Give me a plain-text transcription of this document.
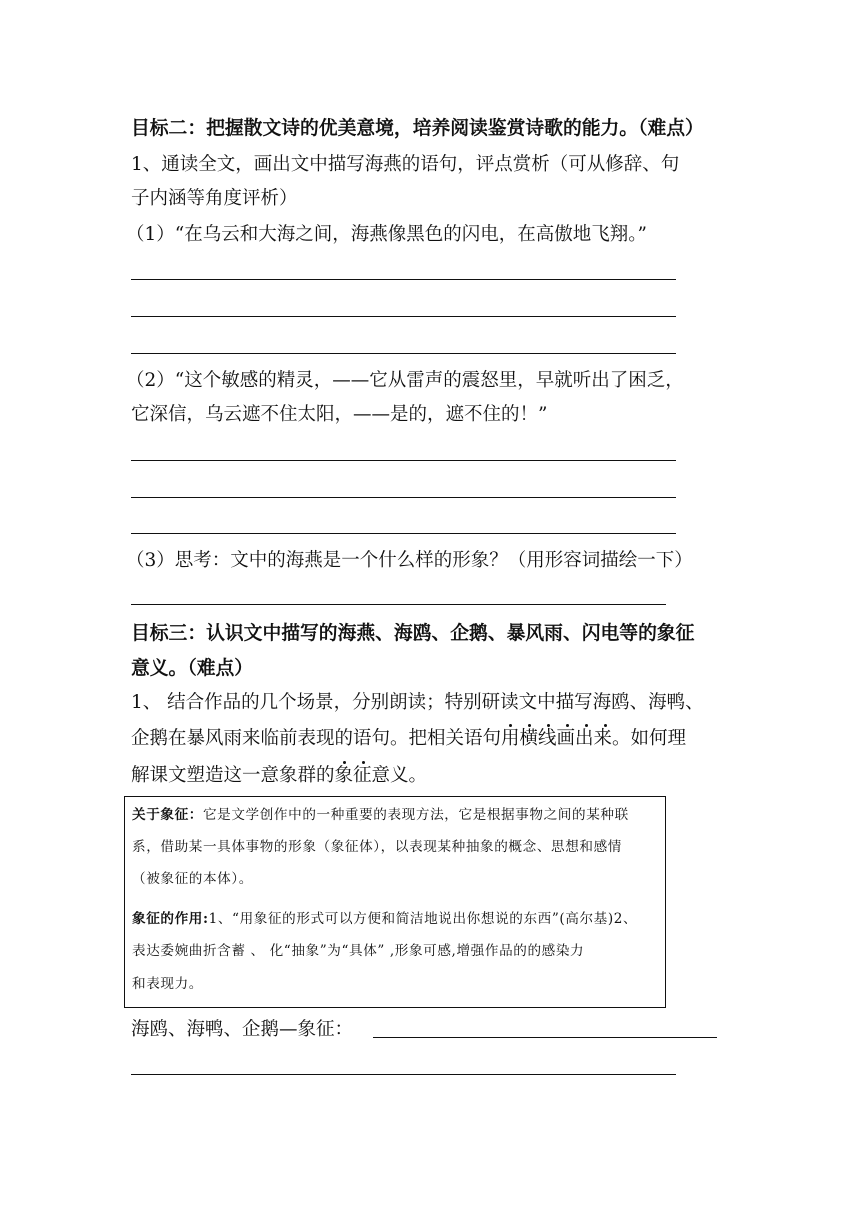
目标二：把握散文诗的优美意境，培养阅读鉴赏诗歌的能力。（难点）
1、通读全文，画出文中描写海燕的语句，评点赏析（可从修辞、句
子内涵等角度评析）
（1）“在乌云和大海之间，海燕像黑色的闪电，在高傲地飞翔。”
（2）“这个敏感的精灵，——它从雷声的震怒里，早就听出了困乏，
它深信，乌云遮不住太阳，——是的，遮不住的！”
（3）思考：文中的海燕是一个什么样的形象？（用形容词描绘一下）
目标三：认识文中描写的海燕、海鸥、企鹅、暴风雨、闪电等的象征
意义。（难点）
1、 结合作品的几个场景，分别朗读；特别研读文中描写海鸥、海鸭、
企鹅在暴风雨来临前表现的语句。把相关语句用横线画出来
。如何理
解课文塑造这一意象群的象征
意义。
关于象征：它是文学创作中的一种重要的表现方法，它是根据事物之间的某种联
系，借助某一具体事物的形象（象征体），以表现某种抽象的概念、思想和感情
（被象征的本体）。
象征的作用:1、“用象征的形式可以方便和简洁地说出你想说的东西”(高尔基)2、
表达委婉曲折含蓄 、 化“抽象”为“具体” ,形象可感,增强作品的的感染力
和表现力。
海鸥、海鸭、企鹅—象征：
